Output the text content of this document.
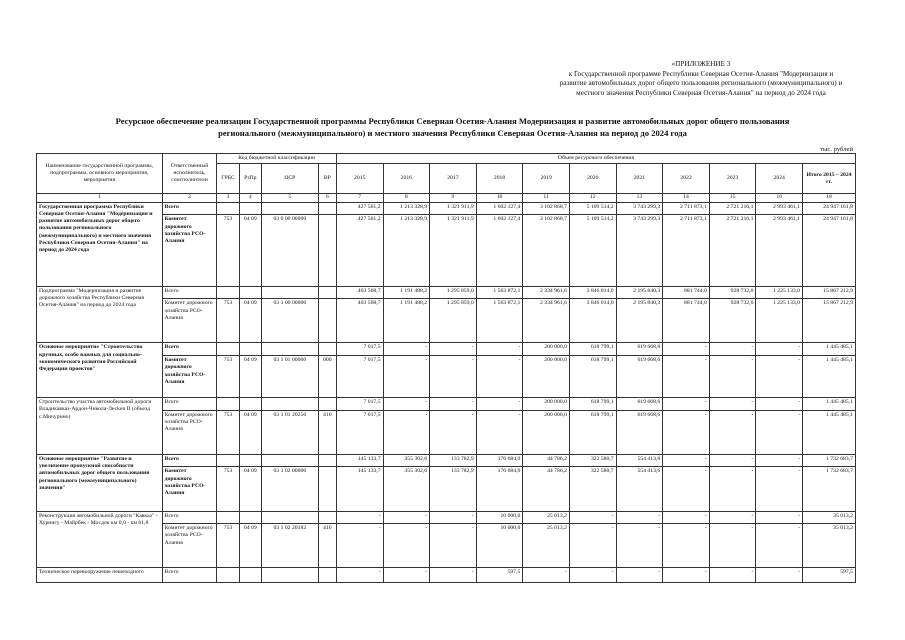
«ПРИЛОЖЕНИЕ 3
к Государственной программе Республики Северная Осетия-Алания "Модернизация и
развитие автомобильных дорог общего пользования регионального (межмуниципального) и
местного значения Республики Северная Осетия-Алания" на период до 2024 года
Ресурсное обеспечение реализации Государственной программы Республики Северная Осетия-Алания Модернизация и развитие автомобильных дорог общего пользования
регионального (межмуниципального) и местного значения Республики Северная Осетия-Алания на период до 2024 года
тыс. рублей
Наименование государственной программы, подпрограммы, основного мероприятия, мероприятия	Ответственный исполнитель, соисполнители	Код бюджетной классификации				Объем ресурсного обеспечения										
		ГРБС	РзПр	ЦСР	ВР	2015	2016	2017	2018	2019	2020	2021	2022	2023	2024	Итого 2015 – 2024 гг.
1	2	3	4	5	6	7	8	9	10	11	12	13	14	15	16	18
Государственная программа Республики Северная Осетия-Алания "Модернизация и развитие автомобильных дорог общего пользования регионального (межмуниципального) и местного значения Республики Северная Осетия-Алания" на период до 2024 года	Всего					427 561,2	1 213 328,9	1 321 911,9	1 602 127,4	3 102 868,7	5 109 514,2	3 743 299,3	2 711 873,1	2 721 216,1	2 993 461,1	24 947 161,8
	Комитет дорожного хозяйства РСО-Алания	753	04 09	03 0 00 00000		427 561,2	1 213 328,9	1 321 911,9	1 602 127,4	3 102 868,7	5 109 514,2	3 743 299,3	2 711 873,1	2 721 216,1	2 993 461,1	24 947 161,8
Подпрограмма "Модернизация и развитие дорожного хозяйства Республики Северная Осетия-Алания" на период до 2024 года	Всего					403 568,7	1 191 488,2	1 295 859,0	1 563 872,1	2 334 961,6	3 846 014,0	2 195 840,3	881 744,0	928 732,0	1 225 133,0	15 867 212,9
	Комитет дорожного хозяйства РСО-Алания	753	04 09	03 1 00 00000		403 568,7	1 191 488,2	1 295 859,0	1 563 872,1	2 334 961,6	3 846 014,0	2 195 840,3	881 744,0	928 732,0	1 225 133,0	15 867 212,9
Основное мероприятие "Строительство крупных, особо важных для социально-экономического развития Российской Федерации проектов"	Всего					7 017,5	-	-	-	200 000,0	618 799,1	619 668,6	-	-	-	1 445 485,1
	Комитет дорожного хозяйства РСО-Алания	753	04 09	03 1 01 00000	000	7 017,5	-	-	-	200 000,0	618 799,1	619 668,6	-	-	-	1 445 485,1
Строительство участка автомобильной дороги Владикавказ-Ардон-Чикола-Лесken II (объезд с.Мичурино)	Всего					7 017,5	-	-	-	200 000,0	618 799,1	619 668,6	-	-	-	1 445 485,1
	Комитет дорожного хозяйства РСО-Алания	753	04 09	03 1 01 20250	410	7 017,5	-	-	-	200 000,0	618 799,1	619 668,6	-	-	-	1 445 485,1
Основное мероприятие "Развитие и увеличение пропускной способности автомобильных дорог общего пользования регионального (межмуниципального) значения"	Всего					145 133,7	355 302,6	133 782,9	176 684,0	44 786,2	322 580,7	554 413,6	-	-	-	1 732 683,7
	Комитет дорожного хозяйства РСО-Алания	753	04 09	03 1 02 00000		145 133,7	355 302,6	133 782,9	176 684,0	44 786,2	322 580,7	554 413,6	-	-	-	1 732 683,7
Реконструкция автомобильной дороги "Кавказ" - Хурнигу - Майрбек - Мосдок км 0,0 - км 61,8	Всего					-	-	-	10 000,0	25 013,2	-	-	-	-	-	35 013,2
	Комитет дорожного хозяйства РСО-Алания	753	04 09	03 1 02 20182	410	-	-	-	10 000,0	25 013,2	-	-	-	-	-	35 013,2
Техническое перевооружение пешеходного	Всего					-	-	-	597,5	-	-	-	-	-	-	597,5
